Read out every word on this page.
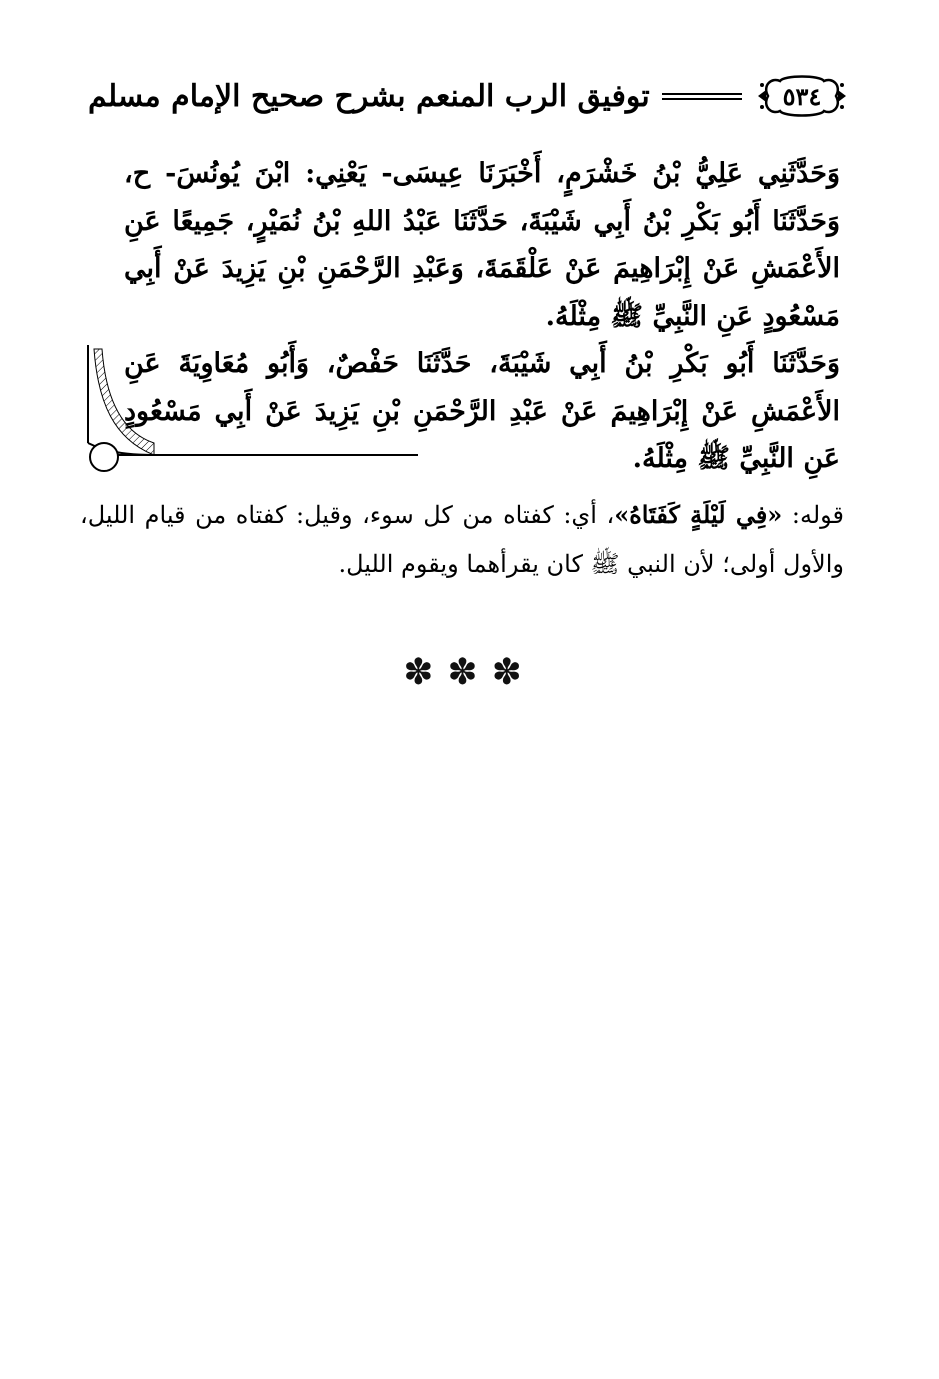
توفيق الرب المنعم بشرح صحيح الإمام مسلم	٥٣٤

وَحَدَّثَنِي عَلِيُّ بْنُ خَشْرَمٍ، أَخْبَرَنَا عِيسَى- يَعْنِي: ابْنَ يُونُسَ- ح، وَحَدَّثَنَا أَبُو بَكْرِ بْنُ أَبِي شَيْبَةَ، حَدَّثَنَا عَبْدُ اللهِ بْنُ نُمَيْرٍ، جَمِيعًا عَنِ الأَعْمَشِ عَنْ إِبْرَاهِيمَ عَنْ عَلْقَمَةَ، وَعَبْدِ الرَّحْمَنِ بْنِ يَزِيدَ عَنْ أَبِي مَسْعُودٍ عَنِ النَّبِيِّ ﷺ مِثْلَهُ.

وَحَدَّثَنَا أَبُو بَكْرِ بْنُ أَبِي شَيْبَةَ، حَدَّثَنَا حَفْصٌ، وَأَبُو مُعَاوِيَةَ عَنِ الأَعْمَشِ عَنْ إِبْرَاهِيمَ عَنْ عَبْدِ الرَّحْمَنِ بْنِ يَزِيدَ عَنْ أَبِي مَسْعُودٍ عَنِ النَّبِيِّ ﷺ مِثْلَهُ.

قوله: «فِي لَيْلَةٍ كَفَتَاهُ»، أي: كفتاه من كل سوء، وقيل: كفتاه من قيام الليل، والأول أولى؛ لأن النبي ﷺ كان يقرأهما ويقوم الليل.

✽✽✽
